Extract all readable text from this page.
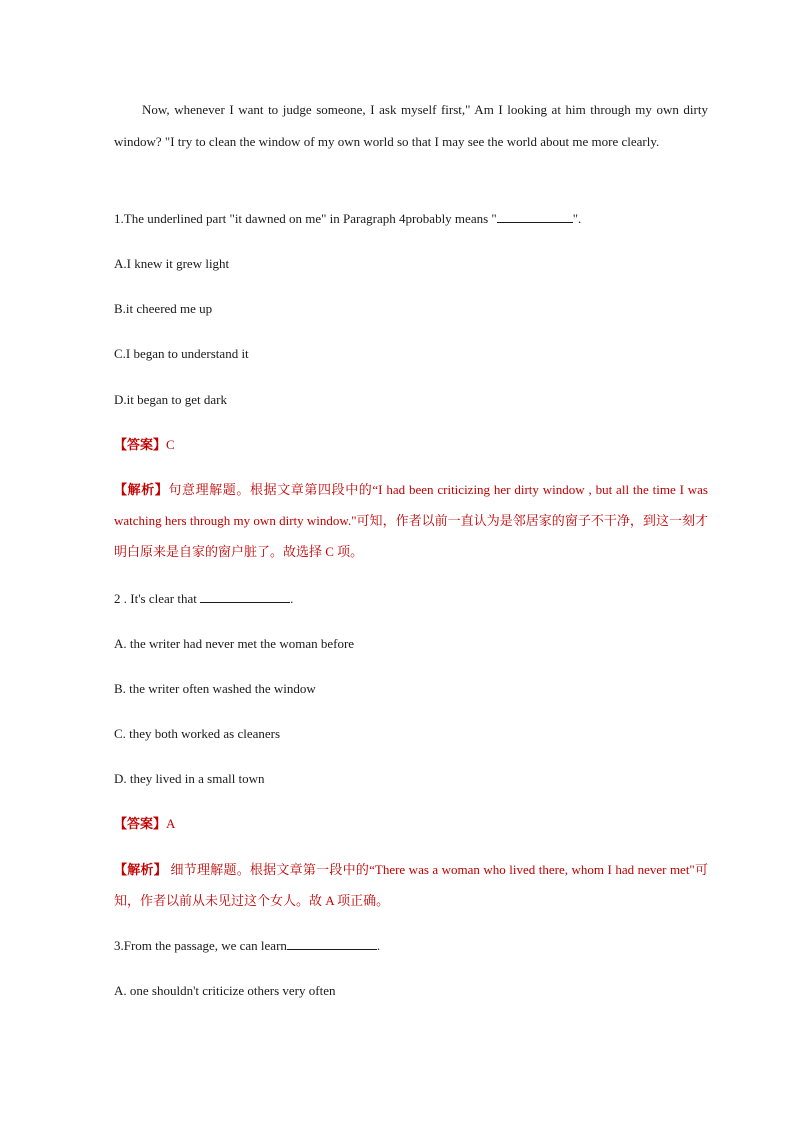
Now, whenever I want to judge someone, I ask myself first," Am I looking at him through my own dirty window? "I try to clean the window of my own world so that I may see the world about me more clearly.
1.The underlined part "it dawned on me" in Paragraph 4probably means "	".
A.I knew it grew light
B.it cheered me up
C.I began to understand it
D.it began to get dark
【答案】C
【解析】句意理解题。根据文章第四段中的“I had been criticizing her dirty window , but all the time I was watching hers through my own dirty window."可知，作者以前一直认为是邻居家的窗子不干净，到这一刻才明白原来是自家的窗户脏了。故选择 C 项。
2 . It's clear that	.
A. the writer had never met the woman before
B. the writer often washed the window
C. they both worked as cleaners
D. they lived in a small town
【答案】A
【解析】 细节理解题。根据文章第一段中的“There was a woman who lived there, whom I had never met"可知，作者以前从未见过这个女人。故 A 项正确。
3.From the passage, we can learn	.
A. one shouldn't criticize others very often
